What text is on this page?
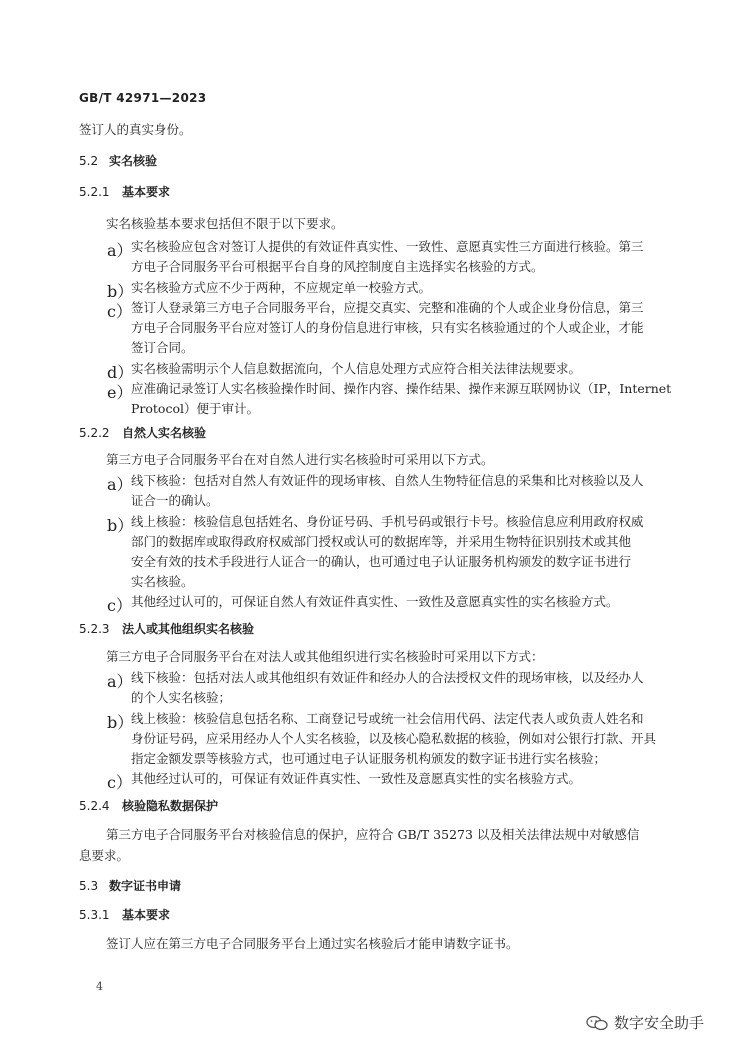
GB/T 42971—2023
签订人的真实身份。
5.2 实名核验
5.2.1 基本要求
实名核验基本要求包括但不限于以下要求。
a）
实名核验应包含对签订人提供的有效证件真实性、一致性、意愿真实性三方面进行核验。第三
方电子合同服务平台可根据平台自身的风控制度自主选择实名核验的方式。
b）
实名核验方式应不少于两种，不应规定单一校验方式。
c） 签订人登录第三方电子合同服务平台，应提交真实、完整和准确的个人或企业身份信息，第三
方电子合同服务平台应对签订人的身份信息进行审核，只有实名核验通过的个人或企业，才能
签订合同。
d）
实名核验需明示个人信息数据流向，个人信息处理方式应符合相关法律法规要求。
e）
应准确记录签订人实名核验操作时间、操作内容、操作结果、操作来源互联网协议（IP，Internet
Protocol）便于审计。
5.2.2 自然人实名核验
第三方电子合同服务平台在对自然人进行实名核验时可采用以下方式。
a）
线下核验：包括对自然人有效证件的现场审核、自然人生物特征信息的采集和比对核验以及人
证合一的确认。
b）
线上核验：核验信息包括姓名、身份证号码、手机号码或银行卡号。核验信息应利用政府权威
部门的数据库或取得政府权威部门授权或认可的数据库等，并采用生物特征识别技术或其他
安全有效的技术手段进行人证合一的确认，也可通过电子认证服务机构颁发的数字证书进行
实名核验。
c） 其他经过认可的，可保证自然人有效证件真实性、一致性及意愿真实性的实名核验方式。
5.2.3 法人或其他组织实名核验
第三方电子合同服务平台在对法人或其他组织进行实名核验时可采用以下方式：
a）
线下核验：包括对法人或其他组织有效证件和经办人的合法授权文件的现场审核，以及经办人
的个人实名核验；
b）
线上核验：核验信息包括名称、工商登记号或统一社会信用代码、法定代表人或负责人姓名和
身份证号码，应采用经办人个人实名核验，以及核心隐私数据的核验，例如对公银行打款、开具
指定金额发票等核验方式，也可通过电子认证服务机构颁发的数字证书进行实名核验；
c） 其他经过认可的，可保证有效证件真实性、一致性及意愿真实性的实名核验方式。
5.2.4 核验隐私数据保护
第三方电子合同服务平台对核验信息的保护，应符合 GB/T 35273 以及相关法律法规中对敏感信
息要求。
5.3 数字证书申请
5.3.1 基本要求
签订人应在第三方电子合同服务平台上通过实名核验后才能申请数字证书。
4
数字安全助手
